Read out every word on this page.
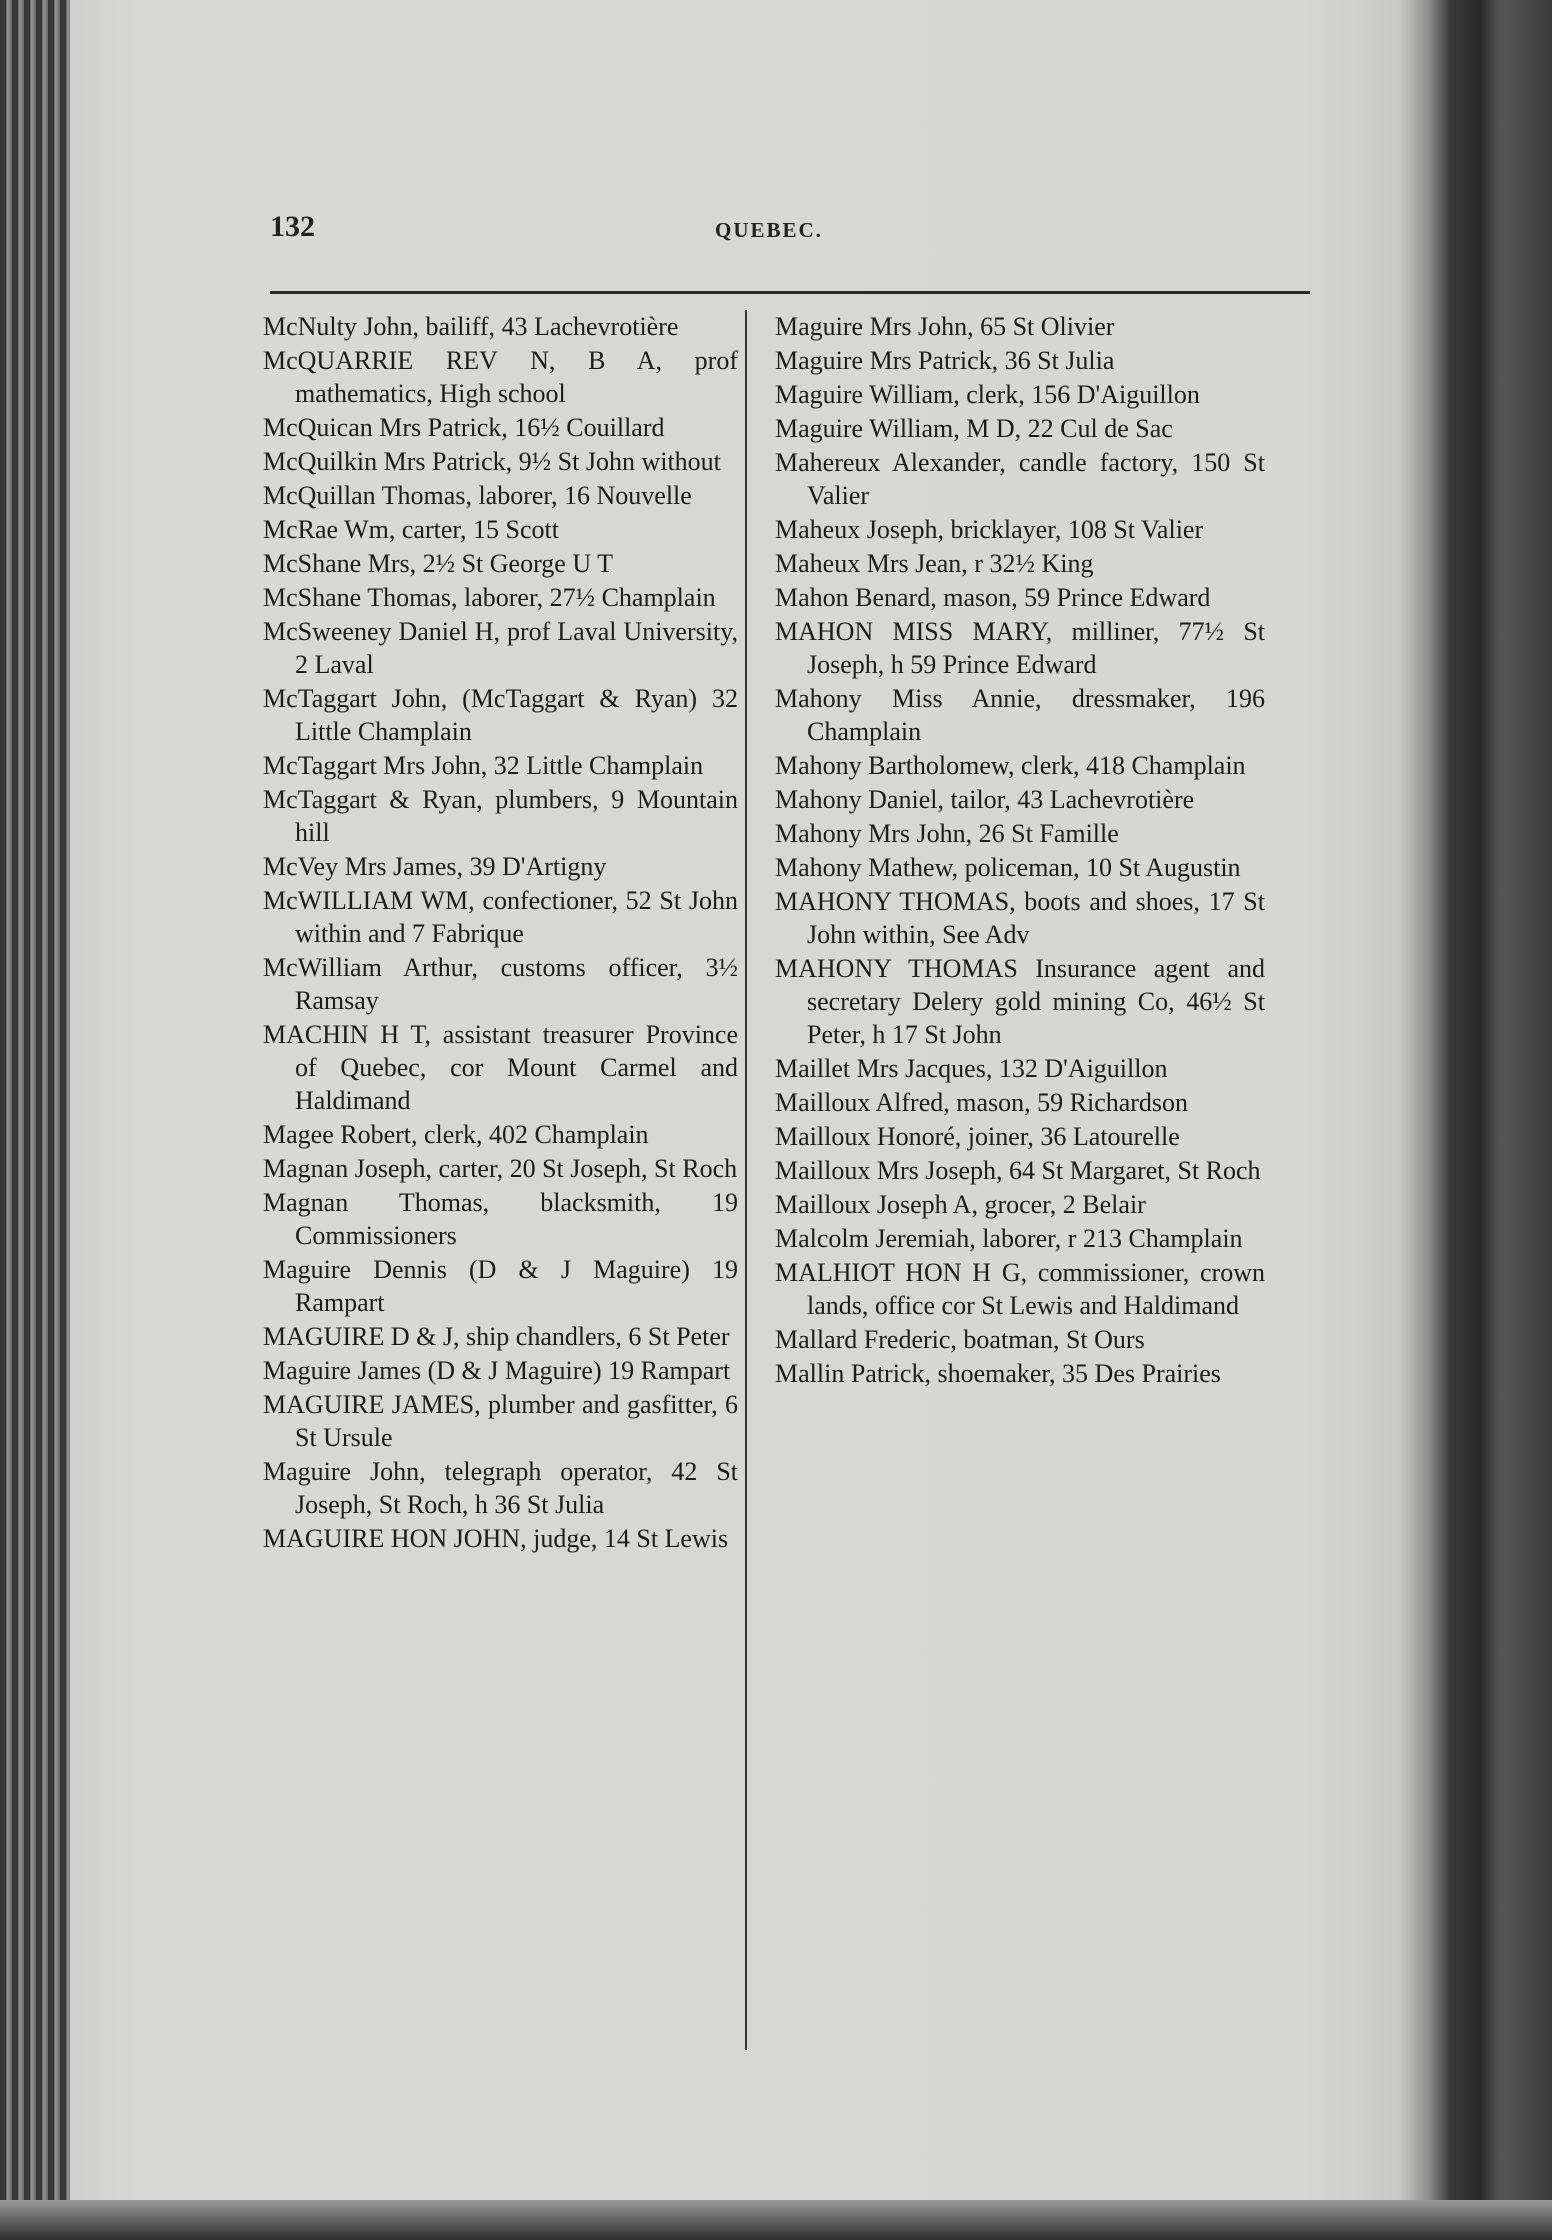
132	QUEBEC.
McNulty John, bailiff, 43 Lachevrotière
McQUARRIE REV N, B A, prof mathematics, High school
McQuican Mrs Patrick, 16½ Couillard
McQuilkin Mrs Patrick, 9½ St John without
McQuillan Thomas, laborer, 16 Nouvelle
McRae Wm, carter, 15 Scott
McShane Mrs, 2½ St George U T
McShane Thomas, laborer, 27½ Champlain
McSweeney Daniel H, prof Laval University, 2 Laval
McTaggart John, (McTaggart & Ryan) 32 Little Champlain
McTaggart Mrs John, 32 Little Champlain
McTaggart & Ryan, plumbers, 9 Mountain hill
McVey Mrs James, 39 D'Artigny
McWILLIAM WM, confectioner, 52 St John within and 7 Fabrique
McWilliam Arthur, customs officer, 3½ Ramsay
MACHIN H T, assistant treasurer Province of Quebec, cor Mount Carmel and Haldimand
Magee Robert, clerk, 402 Champlain
Magnan Joseph, carter, 20 St Joseph, St Roch
Magnan Thomas, blacksmith, 19 Commissioners
Maguire Dennis (D & J Maguire) 19 Rampart
MAGUIRE D & J, ship chandlers, 6 St Peter
Maguire James (D & J Maguire) 19 Rampart
MAGUIRE JAMES, plumber and gasfitter, 6 St Ursule
Maguire John, telegraph operator, 42 St Joseph, St Roch, h 36 St Julia
MAGUIRE HON JOHN, judge, 14 St Lewis
Maguire Mrs John, 65 St Olivier
Maguire Mrs Patrick, 36 St Julia
Maguire William, clerk, 156 D'Aiguillon
Maguire William, M D, 22 Cul de Sac
Mahereux Alexander, candle factory, 150 St Valier
Maheux Joseph, bricklayer, 108 St Valier
Maheux Mrs Jean, r 32½ King
Mahon Benard, mason, 59 Prince Edward
MAHON MISS MARY, milliner, 77½ St Joseph, h 59 Prince Edward
Mahony Miss Annie, dressmaker, 196 Champlain
Mahony Bartholomew, clerk, 418 Champlain
Mahony Daniel, tailor, 43 Lachevrotière
Mahony Mrs John, 26 St Famille
Mahony Mathew, policeman, 10 St Augustin
MAHONY THOMAS, boots and shoes, 17 St John within, See Adv
MAHONY THOMAS Insurance agent and secretary Delery gold mining Co, 46½ St Peter, h 17 St John
Maillet Mrs Jacques, 132 D'Aiguillon
Mailloux Alfred, mason, 59 Richardson
Mailloux Honoré, joiner, 36 Latourelle
Mailloux Mrs Joseph, 64 St Margaret, St Roch
Mailloux Joseph A, grocer, 2 Belair
Malcolm Jeremiah, laborer, r 213 Champlain
MALHIOT HON H G, commissioner, crown lands, office cor St Lewis and Haldimand
Mallard Frederic, boatman, St Ours
Mallin Patrick, shoemaker, 35 Des Prairies
